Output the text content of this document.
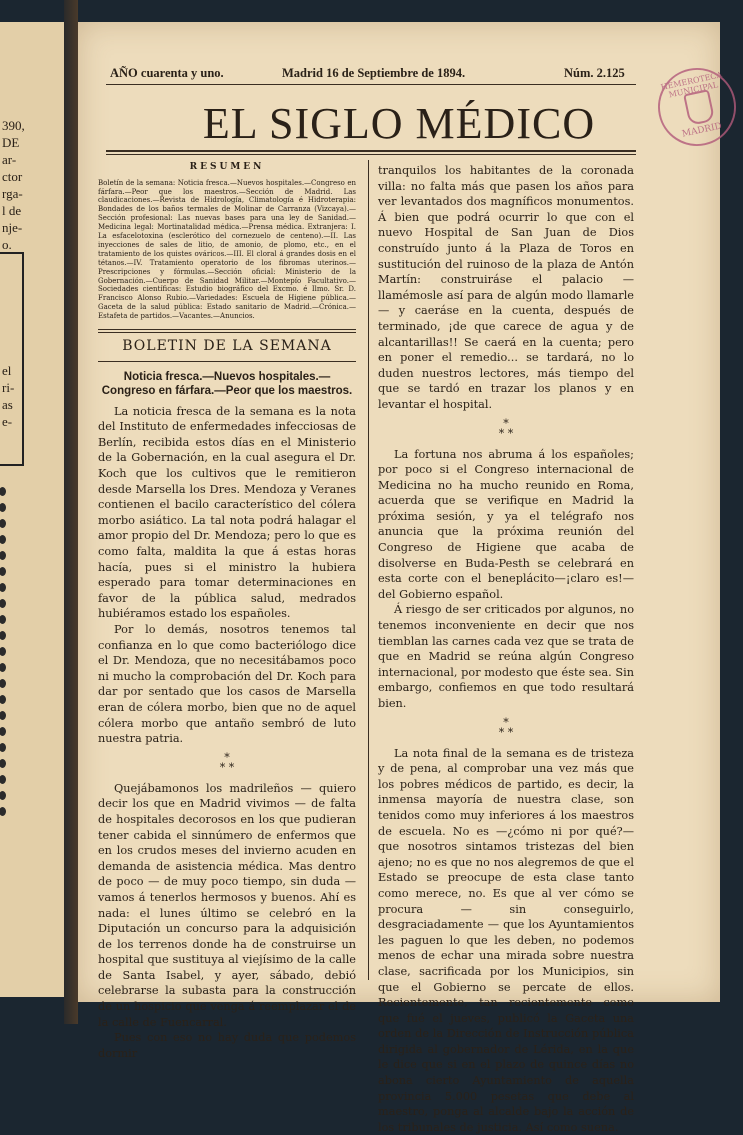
390,
DE
ar-
ctor
rga-
l de
nje-
o.
el
ri-
as
e-
AÑO cuarenta y uno.	Madrid 16 de Septiembre de 1894.	Núm. 2.125	HEMEROTECA MUNICIPAL
MADRID
EL SIGLO MÉDICO
RESUMEN
Boletín de la semana: Noticia fresca.—Nuevos hospitales.—Congreso en fárfara.—Peor que los maestros.—Sección de Madrid. Las claudicaciones.—Revista de Hidrología, Climatología é Hidroterapia: Bondades de los baños termales de Molinar de Carranza (Vizcaya).—Sección profesional: Las nuevas bases para una ley de Sanidad.—Medicina legal: Mortinatalidad médica.—Prensa médica. Extranjera: I. La esfacelotoxina (esclerótico del cornezuelo de centeno).—II. Las inyecciones de sales de litio, de amonio, de plomo, etc., en el tratamiento de los quistes ováricos.—III. El cloral á grandes dosis en el tétanos.—IV. Tratamiento operatorio de los fibromas uterinos.—Prescripciones y fórmulas.—Sección oficial: Ministerio de la Gobernación.—Cuerpo de Sanidad Militar.—Montepío Facultativo.—Sociedades científicas: Estudio biográfico del Excmo. é Ilmo. Sr. D. Francisco Alonso Rubio.—Variedades: Escuela de Higiene pública.—Gaceta de la salud pública: Estado sanitario de Madrid.—Crónica.—Estafeta de partidos.—Vacantes.—Anuncios.
BOLETIN DE LA SEMANA
Noticia fresca.—Nuevos hospitales.—Congreso en fárfara.—Peor que los maestros.

La noticia fresca de la semana es la nota del Instituto de enfermedades infecciosas de Berlín, recibida estos días en el Ministerio de la Gobernación, en la cual asegura el Dr. Koch que los cultivos que le remitieron desde Marsella los Dres. Mendoza y Veranes contienen el bacilo característico del cólera morbo asiático. La tal nota podrá halagar el amor propio del Dr. Mendoza; pero lo que es como falta, maldita la que á estas horas hacía, pues si el ministro la hubiera esperado para tomar determinaciones en favor de la pública salud, medrados hubiéramos estado los españoles.

Por lo demás, nosotros tenemos tal confianza en lo que como bacteriólogo dice el Dr. Mendoza, que no necesitábamos poco ni mucho la comprobación del Dr. Koch para dar por sentado que los casos de Marsella eran de cólera morbo, bien que no de aquel cólera morbo que antaño sembró de luto nuestra patria.

*
* *

Quejábamonos los madrileños — quiero decir los que en Madrid vivimos — de falta de hospitales decorosos en los que pudieran tener cabida el sinnúmero de enfermos que en los crudos meses del invierno acuden en demanda de asistencia médica. Mas dentro de poco — de muy poco tiempo, sin duda — vamos á tenerlos hermosos y buenos. Ahí es nada: el lunes último se celebró en la Diputación un concurso para la adquisición de los terrenos donde ha de construirse un hospital que sustituya al viejísimo de la calle de Santa Isabel, y ayer, sábado, debió celebrarse la subasta para la construcción de un hospicio que venga á reemplazar el de la calle de Fuencarral.

Pues con eso no hay duda que podemos dormir

tranquilos los habitantes de la coronada villa: no falta más que pasen los años para ver levantados dos magníficos monumentos. Á bien que podrá ocurrir lo que con el nuevo Hospital de San Juan de Dios construído junto á la Plaza de Toros en sustitución del ruinoso de la plaza de Antón Martín: construiráse el palacio — llamémosle así para de algún modo llamarle — y caeráse en la cuenta, después de terminado, ¡de que carece de agua y de alcantarillas!! Se caerá en la cuenta; pero en poner el remedio... se tardará, no lo duden nuestros lectores, más tiempo del que se tardó en trazar los planos y en levantar el hospital.

*
* *

La fortuna nos abruma á los españoles; por poco si el Congreso internacional de Medicina no ha mucho reunido en Roma, acuerda que se verifique en Madrid la próxima sesión, y ya el telégrafo nos anuncia que la próxima reunión del Congreso de Higiene que acaba de disolverse en Buda-Pesth se celebrará en esta corte con el beneplácito—¡claro es!—del Gobierno español.

Á riesgo de ser criticados por algunos, no tenemos inconveniente en decir que nos tiemblan las carnes cada vez que se trata de que en Madrid se reúna algún Congreso internacional, por modesto que éste sea. Sin embargo, confiemos en que todo resultará bien.

*
* *

La nota final de la semana es de tristeza y de pena, al comprobar una vez más que los pobres médicos de partido, es decir, la inmensa mayoría de nuestra clase, son tenidos como muy inferiores á los maestros de escuela. No es —¿cómo ni por qué?— que nosotros sintamos tristezas del bien ajeno; no es que no nos alegremos de que el Estado se preocupe de esta clase tanto como merece, no. Es que al ver cómo se procura — sin conseguirlo, desgraciadamente — que los Ayuntamientos les paguen lo que les deben, no podemos menos de echar una mirada sobre nuestra clase, sacrificada por los Municipios, sin que el Gobierno se percate de ellos. Recientemente, tan recientemente como que fué el jueves, publicó la Gaceta una orden de la Dirección de Instrucción pública dirigida al gobernador de Lérida, en la que le dice que si en el plazo de quince días no abona cierto Ayuntamiento de aquella provincia 5.000 pesetas que debe al maestro, ponga al alcalde bajo la acción de los tribunales de justicia. Así como suena.
